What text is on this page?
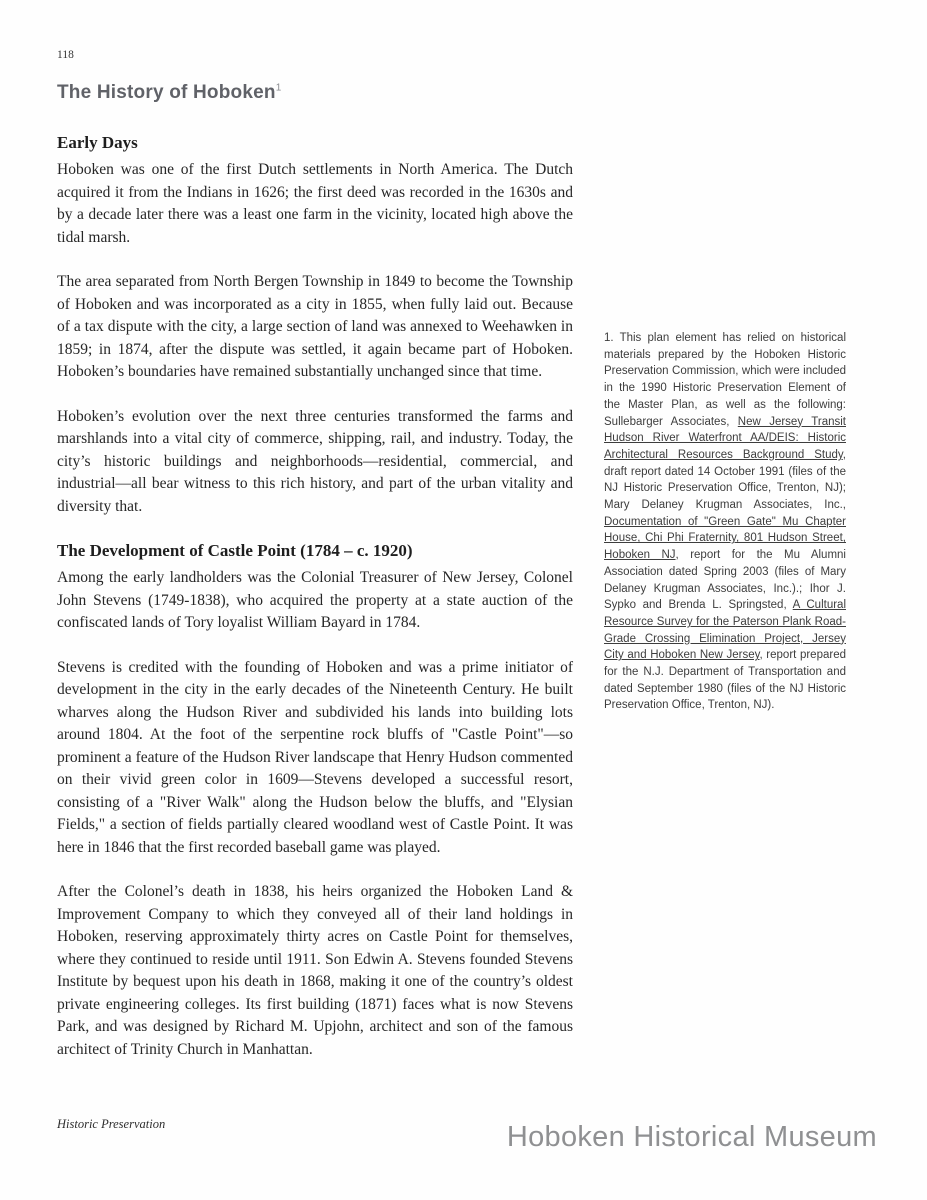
118
The History of Hoboken$^1$
Early Days

Hoboken was one of the first Dutch settlements in North America. The Dutch acquired it from the Indians in 1626; the first deed was recorded in the 1630s and by a decade later there was a least one farm in the vicinity, located high above the tidal marsh.

The area separated from North Bergen Township in 1849 to become the Township of Hoboken and was incorporated as a city in 1855, when fully laid out. Because of a tax dispute with the city, a large section of land was annexed to Weehawken in 1859; in 1874, after the dispute was settled, it again became part of Hoboken. Hoboken’s boundaries have remained substantially unchanged since that time.

Hoboken’s evolution over the next three centuries transformed the farms and marshlands into a vital city of commerce, shipping, rail, and industry. Today, the city’s historic buildings and neighborhoods—residential, commercial, and industrial—all bear witness to this rich history, and part of the urban vitality and diversity that.

The Development of Castle Point (1784 – c. 1920)

Among the early landholders was the Colonial Treasurer of New Jersey, Colonel John Stevens (1749-1838), who acquired the property at a state auction of the confiscated lands of Tory loyalist William Bayard in 1784.

Stevens is credited with the founding of Hoboken and was a prime initiator of development in the city in the early decades of the Nineteenth Century. He built wharves along the Hudson River and subdivided his lands into building lots around 1804. At the foot of the serpentine rock bluffs of "Castle Point"—so prominent a feature of the Hudson River landscape that Henry Hudson commented on their vivid green color in 1609—Stevens developed a successful resort, consisting of a "River Walk" along the Hudson below the bluffs, and "Elysian Fields," a section of fields partially cleared woodland west of Castle Point. It was here in 1846 that the first recorded baseball game was played.

After the Colonel’s death in 1838, his heirs organized the Hoboken Land & Improvement Company to which they conveyed all of their land holdings in Hoboken, reserving approximately thirty acres on Castle Point for themselves, where they continued to reside until 1911. Son Edwin A. Stevens founded Stevens Institute by bequest upon his death in 1868, making it one of the country’s oldest private engineering colleges. Its first building (1871) faces what is now Stevens Park, and was designed by Richard M. Upjohn, architect and son of the famous architect of Trinity Church in Manhattan.

1. This plan element has relied on historical materials prepared by the Hoboken Historic Preservation Commission, which were included in the 1990 Historic Preservation Element of the Master Plan, as well as the following: Sullebarger Associates, New Jersey Transit Hudson River Waterfront AA/DEIS: Historic Architectural Resources Background Study, draft report dated 14 October 1991 (files of the NJ Historic Preservation Office, Trenton, NJ); Mary Delaney Krugman Associates, Inc., Documentation of "Green Gate" Mu Chapter House, Chi Phi Fraternity, 801 Hudson Street, Hoboken NJ, report for the Mu Alumni Association dated Spring 2003 (files of Mary Delaney Krugman Associates, Inc.).; Ihor J. Sypko and Brenda L. Springsted, A Cultural Resource Survey for the Paterson Plank Road-Grade Crossing Elimination Project, Jersey City and Hoboken New Jersey, report prepared for the N.J. Department of Transportation and dated September 1980 (files of the NJ Historic Preservation Office, Trenton, NJ).
Historic Preservation	Hoboken Historical Museum
